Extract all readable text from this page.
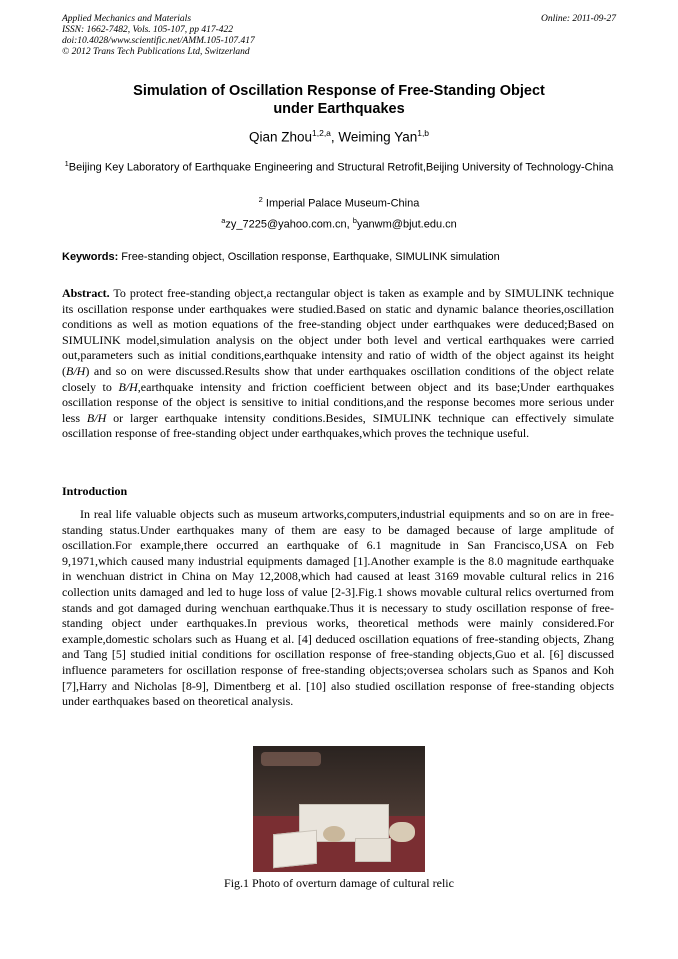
Applied Mechanics and Materials
ISSN: 1662-7482, Vols. 105-107, pp 417-422
doi:10.4028/www.scientific.net/AMM.105-107.417
© 2012 Trans Tech Publications Ltd, Switzerland
Online: 2011-09-27
Simulation of Oscillation Response of Free-Standing Object
under Earthquakes
Qian Zhou$^{1,2,a}$, Weiming Yan$^{1,b}$
$^1$Beijing Key Laboratory of Earthquake Engineering and Structural Retrofit,Beijing University of Technology-China
$^2$ Imperial Palace Museum-China
$^a$zy_7225@yahoo.com.cn, $^b$yanwm@bjut.edu.cn
Keywords: Free-standing object, Oscillation response, Earthquake, SIMULINK simulation
Abstract. To protect free-standing object,a rectangular object is taken as example and by SIMULINK technique its oscillation response under earthquakes were studied.Based on static and dynamic balance theories,oscillation conditions as well as motion equations of the free-standing object under earthquakes were deduced;Based on SIMULINK model,simulation analysis on the object under both level and vertical earthquakes were carried out,parameters such as initial conditions,earthquake intensity and ratio of width of the object against its height (B/H) and so on were discussed.Results show that under earthquakes oscillation conditions of the object relate closely to B/H,earthquake intensity and friction coefficient between object and its base;Under earthquakes oscillation response of the object is sensitive to initial conditions,and the response becomes more serious under less B/H or larger earthquake intensity conditions.Besides, SIMULINK technique can effectively simulate oscillation response of free-standing object under earthquakes,which proves the technique useful.
Introduction
In real life valuable objects such as museum artworks,computers,industrial equipments and so on are in free-standing status.Under earthquakes many of them are easy to be damaged because of large amplitude of oscillation.For example,there occurred an earthquake of 6.1 magnitude in San Francisco,USA on Feb 9,1971,which caused many industrial equipments damaged [1].Another example is the 8.0 magnitude earthquake in wenchuan district in China on May 12,2008,which had caused at least 3169 movable cultural relics in 216 collection units damaged and led to huge loss of value [2-3].Fig.1 shows movable cultural relics overturned from stands and got damaged during wenchuan earthquake.Thus it is necessary to study oscillation response of free-standing object under earthquakes.In previous works, theoretical methods were mainly considered.For example,domestic scholars such as Huang et al. [4] deduced oscillation equations of free-standing objects, Zhang and Tang [5] studied initial conditions for oscillation response of free-standing objects,Guo et al. [6] discussed influence parameters for oscillation response of free-standing objects;oversea scholars such as Spanos and Koh [7],Harry and Nicholas [8-9], Dimentberg et al. [10] also studied oscillation response of free-standing objects under earthquakes based on theoretical analysis.
Fig.1 Photo of overturn damage of cultural relic
